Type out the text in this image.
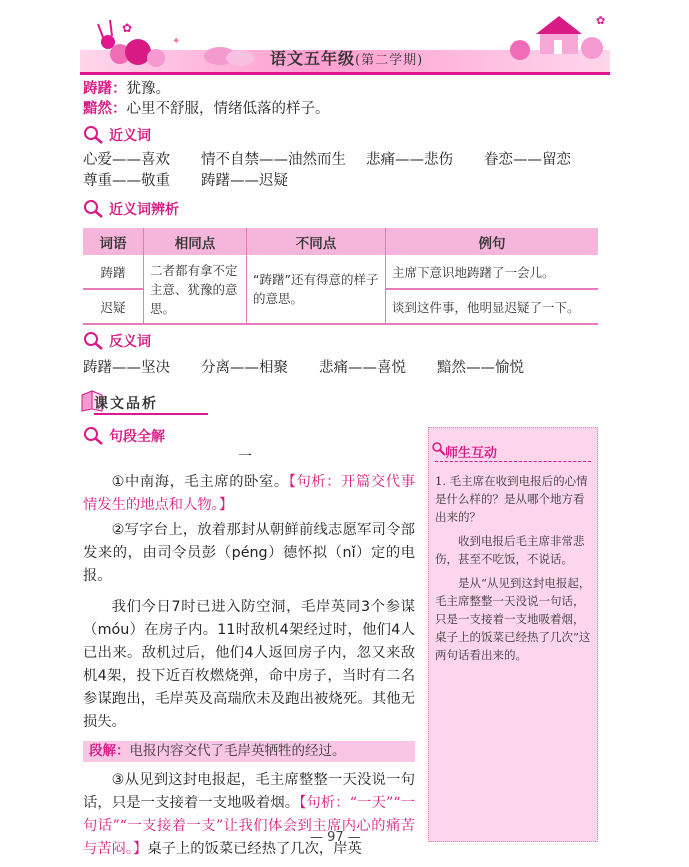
✿
✦
语文五年级(第二学期)
✿
踌躇：犹豫。
黯然：心里不舒服，情绪低落的样子。
近义词
心爱——喜欢 情不自禁——油然而生 悲痛——悲伤 眷恋——留恋
尊重——敬重 踌躇——迟疑
近义词辨析
词语	相同点	不同点	例句
踌躇	二者都有拿不定主意、犹豫的意思。	“踌躇”还有得意的样子的意思。	主席下意识地踌躇了一会儿。
迟疑			谈到这件事，他明显迟疑了一下。
反义词
踌躇——坚决 分离——相聚 悲痛——喜悦 黯然——愉悦
课文品析
句段全解
一
①中南海，毛主席的卧室。【句析：开篇交代事情发生的地点和人物。】
②写字台上，放着那封从朝鲜前线志愿军司令部发来的，由司令员彭（péng）德怀拟（nǐ）定的电报。
我们今日7时已进入防空洞，毛岸英同3个参谋（móu）在房子内。11时敌机4架经过时，他们4人已出来。敌机过后，他们4人返回房子内，忽又来敌机4架，投下近百枚燃烧弹，命中房子，当时有二名参谋跑出，毛岸英及高瑞欣未及跑出被烧死。其他无损失。
段解：电报内容交代了毛岸英牺牲的经过。
③从见到这封电报起，毛主席整整一天没说一句话，只是一支接着一支地吸着烟。【句析：“一天”“一句话”“一支接着一支”让我们体会到主席内心的痛苦与苦闷。】桌子上的饭菜已经热了几次，岸英
师生互动

1. 毛主席在收到电报后的心情是什么样的？是从哪个地方看出来的？

收到电报后毛主席非常悲伤，甚至不吃饭，不说话。

是从“从见到这封电报起，毛主席整整一天没说一句话，只是一支接着一支地吸着烟，桌子上的饭菜已经热了几次”这两句话看出来的。

— 97 —
